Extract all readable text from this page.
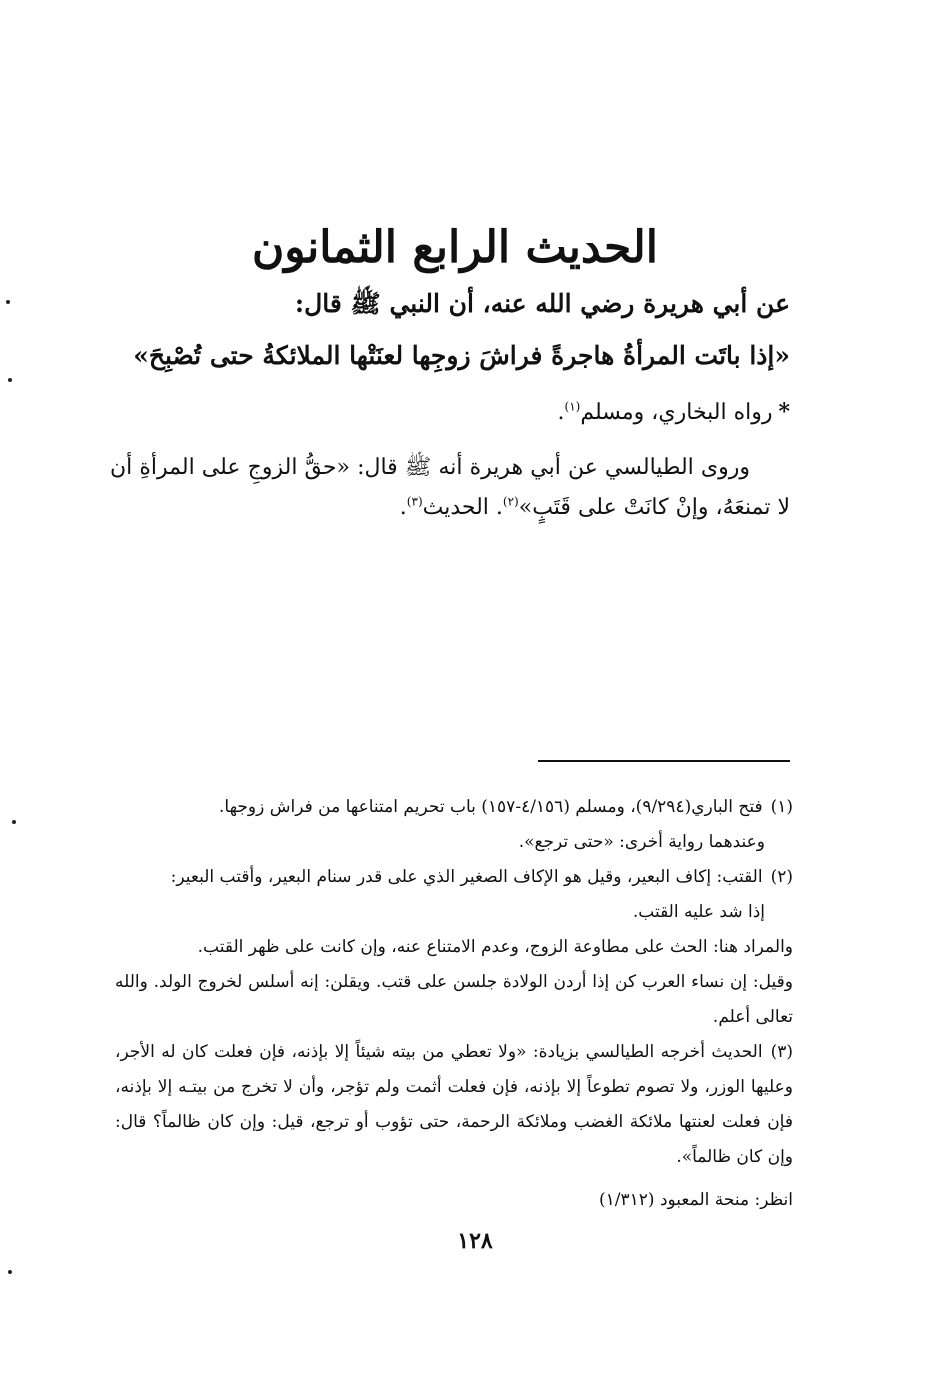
الحديث الرابع الثمانون
عن أبي هريرة رضي الله عنه، أن النبي ﷺ قال:
«إذا باتَت المرأةُ هاجرةً فراشَ زوجِها لعنَتْها الملائكةُ حتى تُصْبِحَ»
*رواه البخاري، ومسلم$^{(١)}$.
وروى الطيالسي عن أبي هريرة أنه ﷺ قال: «حقُّ الزوجِ على المرأةِ أن لا تمنعَهُ، وإنْ كانَتْ على قَتَبٍ»$^{(٢)}$. الحديث$^{(٣)}$.
(١)فتح الباري(٩/٢٩٤)، ومسلم (٤/١٥٦-١٥٧) باب تحريم امتناعها من فراش زوجها.
وعندهما رواية أخرى: «حتى ترجع».
(٢)القتب: إكاف البعير، وقيل هو الإكاف الصغير الذي على قدر سنام البعير، وأقتب البعير:
إذا شد عليه القتب.
والمراد هنا: الحث على مطاوعة الزوج، وعدم الامتناع عنه، وإن كانت على ظهر القتب.
وقيل: إن نساء العرب كن إذا أردن الولادة جلسن على قتب. ويقلن: إنه أسلس لخروج الولد. والله تعالى أعلم.
(٣)الحديث أخرجه الطيالسي بزيادة: «ولا تعطي من بيته شيئاً إلا بإذنه، فإن فعلت كان له الأجر، وعليها الوزر، ولا تصوم تطوعاً إلا بإذنه، فإن فعلت أثمت ولم تؤجر، وأن لا تخرج من بيتـه إلا بإذنه، فإن فعلت لعنتها ملائكة الغضب وملائكة الرحمة، حتى تؤوب أو ترجع، قيل: وإن كان ظالماً؟ قال: وإن كان ظالماً».
انظر: منحة المعبود (١/٣١٢)
١٢٨
